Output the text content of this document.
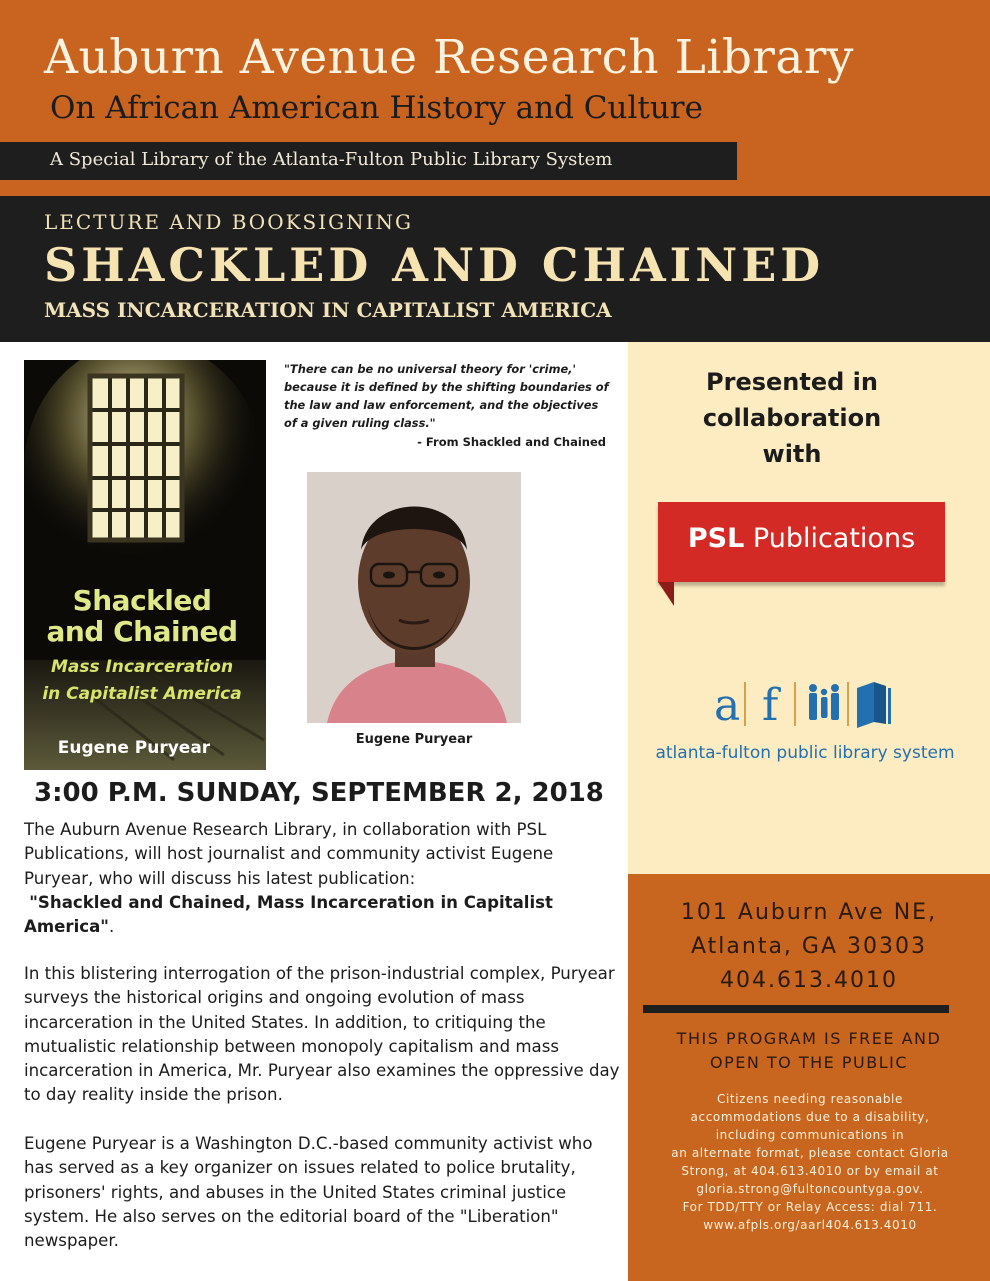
Auburn Avenue Research Library
On African American History and Culture
A Special Library of the Atlanta-Fulton Public Library System
LECTURE AND BOOKSIGNING
SHACKLED AND CHAINED
MASS INCARCERATION IN CAPITALIST AMERICA
Presented in
collaboration
with
PSL Publications
a f
atlanta-fulton public library system
101 Auburn Ave NE,
Atlanta, GA 30303
404.613.4010
THIS PROGRAM IS FREE AND
OPEN TO THE PUBLIC
Citizens needing reasonable
accommodations due to a disability,
including communications in
an alternate format, please contact Gloria
Strong, at 404.613.4010 or by email at
gloria.strong@fultoncountyga.gov.
For TDD/TTY or Relay Access: dial 711.
www.afpls.org/aarl404.613.4010
Shackled
and Chained
Mass Incarceration
in Capitalist America
Eugene Puryear
"There can be no universal theory for 'crime,' because it is defined by the shifting boundaries of the law and law enforcement, and the objectives of a given ruling class."
- From Shackled and Chained
Eugene Puryear
3:00 P.M. SUNDAY, SEPTEMBER 2, 2018
The Auburn Avenue Research Library, in collaboration with PSL Publications, will host journalist and community activist Eugene Puryear, who will discuss his latest publication:
"Shackled and Chained, Mass Incarceration in Capitalist America".
In this blistering interrogation of the prison-industrial complex, Puryear surveys the historical origins and ongoing evolution of mass incarceration in the United States. In addition, to critiquing the mutualistic relationship between monopoly capitalism and mass incarceration in America, Mr. Puryear also examines the oppressive day to day reality inside the prison.
Eugene Puryear is a Washington D.C.-based community activist who has served as a key organizer on issues related to police brutality, prisoners' rights, and abuses in the United States criminal justice system. He also serves on the editorial board of the "Liberation" newspaper.
